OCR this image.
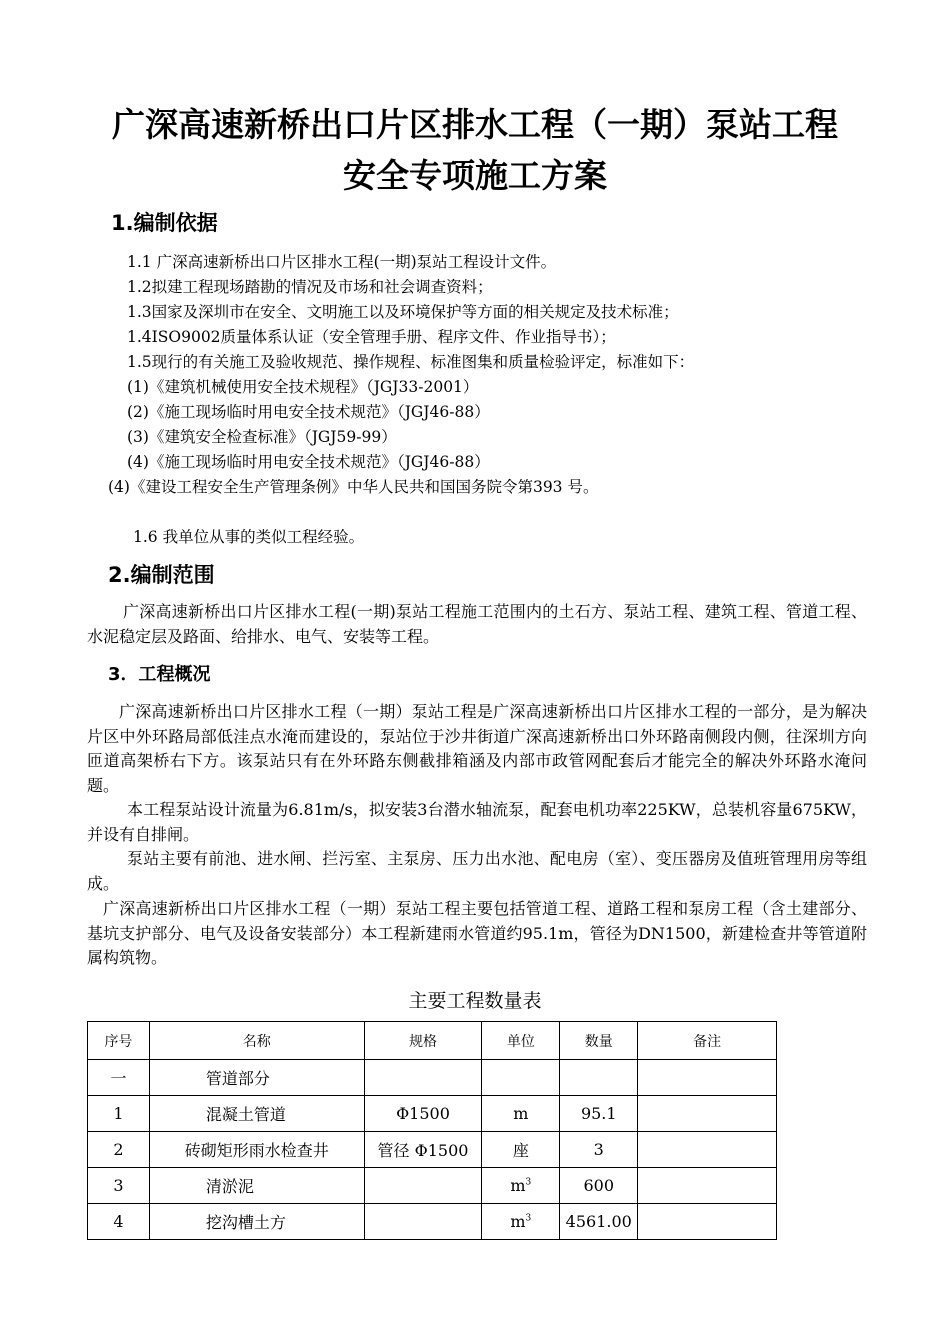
广深高速新桥出口片区排水工程（一期）泵站工程
安全专项施工方案
1.编制依据

1.1 广深高速新桥出口片区排水工程(一期)泵站工程设计文件。

1.2拟建工程现场踏勘的情况及市场和社会调查资料；

1.3国家及深圳市在安全、文明施工以及环境保护等方面的相关规定及技术标准；

1.4ISO9002质量体系认证（安全管理手册、程序文件、作业指导书）；

1.5现行的有关施工及验收规范、操作规程、标准图集和质量检验评定，标准如下：

(1)《建筑机械使用安全技术规程》（JGJ33-2001）

(2)《施工现场临时用电安全技术规范》（JGJ46-88）

(3)《建筑安全检查标准》（JGJ59-99）

(4)《施工现场临时用电安全技术规范》（JGJ46-88）

(4)《建设工程安全生产管理条例》中华人民共和国国务院令第393 号。

1.6 我单位从事的类似工程经验。

2.编制范围

广深高速新桥出口片区排水工程(一期)泵站工程施工范围内的土石方、泵站工程、建筑工程、管道工程、水泥稳定层及路面、给排水、电气、安装等工程。

3．工程概况

广深高速新桥出口片区排水工程（一期）泵站工程是广深高速新桥出口片区排水工程的一部分，是为解决片区中外环路局部低洼点水淹而建设的，泵站位于沙井街道广深高速新桥出口外环路南侧段内侧，往深圳方向匝道高架桥右下方。该泵站只有在外环路东侧截排箱涵及内部市政管网配套后才能完全的解决外环路水淹问题。

本工程泵站设计流量为6.81m/s，拟安装3台潜水轴流泵，配套电机功率225KW，总装机容量675KW，并设有自排闸。

泵站主要有前池、进水闸、拦污室、主泵房、压力出水池、配电房（室）、变压器房及值班管理用房等组成。

广深高速新桥出口片区排水工程（一期）泵站工程主要包括管道工程、道路工程和泵房工程（含土建部分、基坑支护部分、电气及设备安装部分）本工程新建雨水管道约95.1m，管径为DN1500，新建检查井等管道附属构筑物。

主要工程数量表

序号	名称	规格	单位	数量	备注
一	管道部分				
1	混凝土管道	Φ1500	m	95.1	
2	砖砌矩形雨水检查井	管径 Φ1500	座	3	
3	清淤泥		$m^3$	600	
4	挖沟槽土方		$m^3$	4561.00	
